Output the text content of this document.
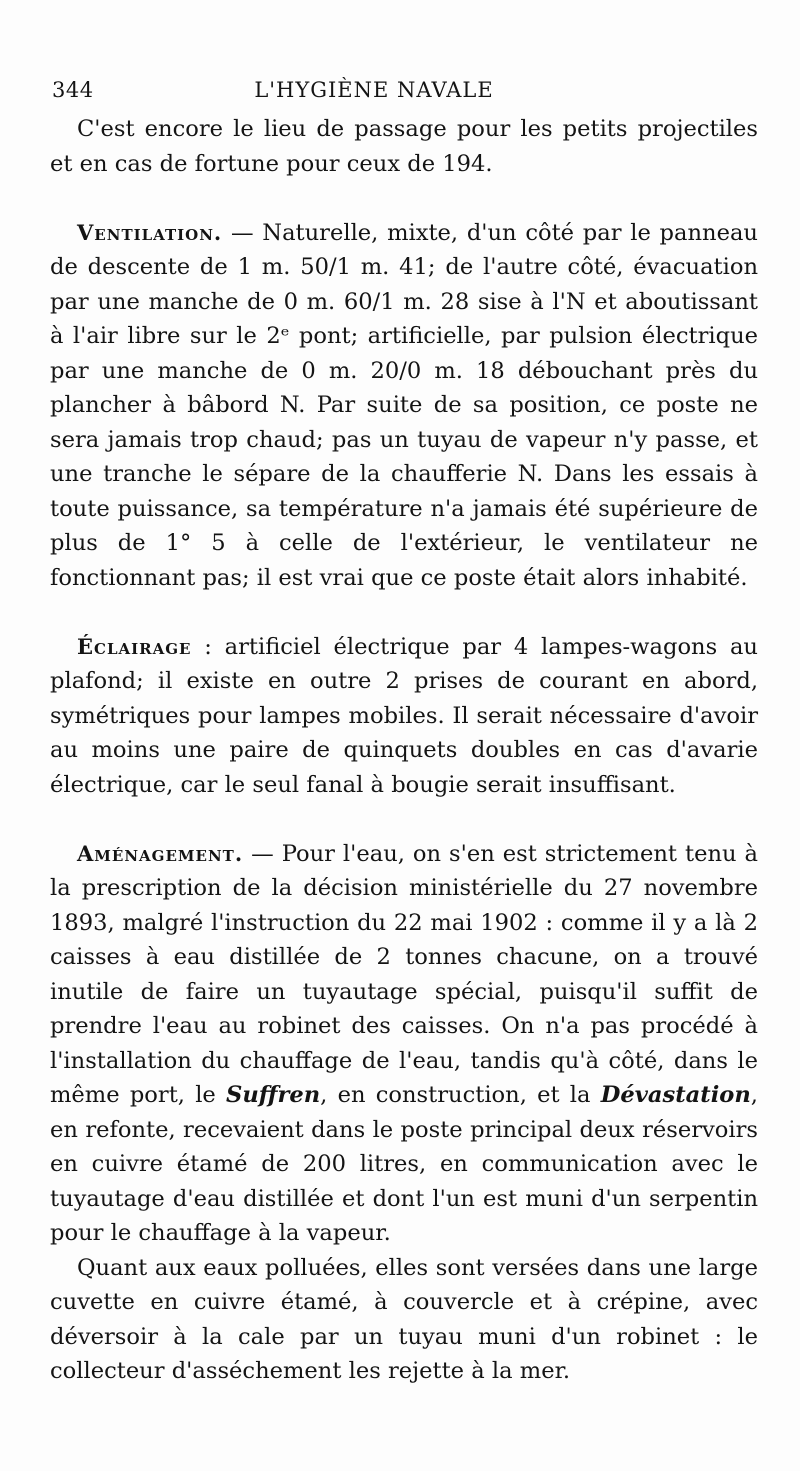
344	L'HYGIÈNE NAVALE

C'est encore le lieu de passage pour les petits projectiles et en cas de fortune pour ceux de 194.

Ventilation. — Naturelle, mixte, d'un côté par le panneau de descente de 1 m. 50/1 m. 41; de l'autre côté, évacuation par une manche de 0 m. 60/1 m. 28 sise à l'N et aboutissant à l'air libre sur le 2ᵉ pont; artificielle, par pulsion électrique par une manche de 0 m. 20/0 m. 18 débouchant près du plancher à bâbord N. Par suite de sa position, ce poste ne sera jamais trop chaud; pas un tuyau de vapeur n'y passe, et une tranche le sépare de la chaufferie N. Dans les essais à toute puissance, sa température n'a jamais été supérieure de plus de 1° 5 à celle de l'extérieur, le ventilateur ne fonctionnant pas; il est vrai que ce poste était alors inhabité.

Éclairage : artificiel électrique par 4 lampes-wagons au plafond; il existe en outre 2 prises de courant en abord, symétriques pour lampes mobiles. Il serait nécessaire d'avoir au moins une paire de quinquets doubles en cas d'avarie électrique, car le seul fanal à bougie serait insuffisant.

Aménagement. — Pour l'eau, on s'en est strictement tenu à la prescription de la décision ministérielle du 27 novembre 1893, malgré l'instruction du 22 mai 1902 : comme il y a là 2 caisses à eau distillée de 2 tonnes chacune, on a trouvé inutile de faire un tuyautage spécial, puisqu'il suffit de prendre l'eau au robinet des caisses. On n'a pas procédé à l'installation du chauffage de l'eau, tandis qu'à côté, dans le même port, le Suffren, en construction, et la Dévastation, en refonte, recevaient dans le poste principal deux réservoirs en cuivre étamé de 200 litres, en communication avec le tuyautage d'eau distillée et dont l'un est muni d'un serpentin pour le chauffage à la vapeur.

Quant aux eaux polluées, elles sont versées dans une large cuvette en cuivre étamé, à couvercle et à crépine, avec déversoir à la cale par un tuyau muni d'un robinet : le collecteur d'asséchement les rejette à la mer.
